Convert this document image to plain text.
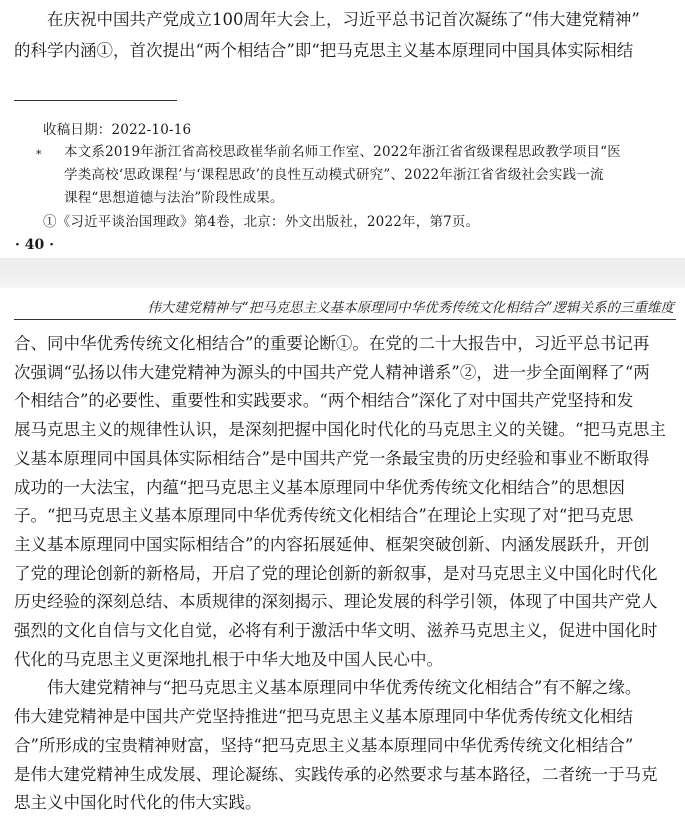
　　在庆祝中国共产党成立100周年大会上，习近平总书记首次凝练了“伟大建党精神”
的科学内涵①，首次提出“两个相结合”即“把马克思主义基本原理同中国具体实际相结
收稿日期：2022-10-16
* 本文系2019年浙江省高校思政崔华前名师工作室、2022年浙江省省级课程思政教学项目“医
学类高校‘思政课程’与‘课程思政’的良性互动模式研究”、2022年浙江省省级社会实践一流
课程“思想道德与法治”阶段性成果。
①《习近平谈治国理政》第4卷，北京：外文出版社，2022年，第7页。
· 40 ·
伟大建党精神与“把马克思主义基本原理同中华优秀传统文化相结合”逻辑关系的三重维度
合、同中华优秀传统文化相结合”的重要论断①。在党的二十大报告中，习近平总书记再
次强调“弘扬以伟大建党精神为源头的中国共产党人精神谱系”②，进一步全面阐释了“两
个相结合”的必要性、重要性和实践要求。“两个相结合”深化了对中国共产党坚持和发
展马克思主义的规律性认识，是深刻把握中国化时代化的马克思主义的关键。“把马克思主
义基本原理同中国具体实际相结合”是中国共产党一条最宝贵的历史经验和事业不断取得
成功的一大法宝，内蕴“把马克思主义基本原理同中华优秀传统文化相结合”的思想因
子。“把马克思主义基本原理同中华优秀传统文化相结合”在理论上实现了对“把马克思
主义基本原理同中国实际相结合”的内容拓展延伸、框架突破创新、内涵发展跃升，开创
了党的理论创新的新格局，开启了党的理论创新的新叙事，是对马克思主义中国化时代化
历史经验的深刻总结、本质规律的深刻揭示、理论发展的科学引领，体现了中国共产党人
强烈的文化自信与文化自觉，必将有利于激活中华文明、滋养马克思主义，促进中国化时
代化的马克思主义更深地扎根于中华大地及中国人民心中。
　　伟大建党精神与“把马克思主义基本原理同中华优秀传统文化相结合”有不解之缘。
伟大建党精神是中国共产党坚持推进“把马克思主义基本原理同中华优秀传统文化相结
合”所形成的宝贵精神财富，坚持“把马克思主义基本原理同中华优秀传统文化相结合”
是伟大建党精神生成发展、理论凝练、实践传承的必然要求与基本路径，二者统一于马克
思主义中国化时代化的伟大实践。
